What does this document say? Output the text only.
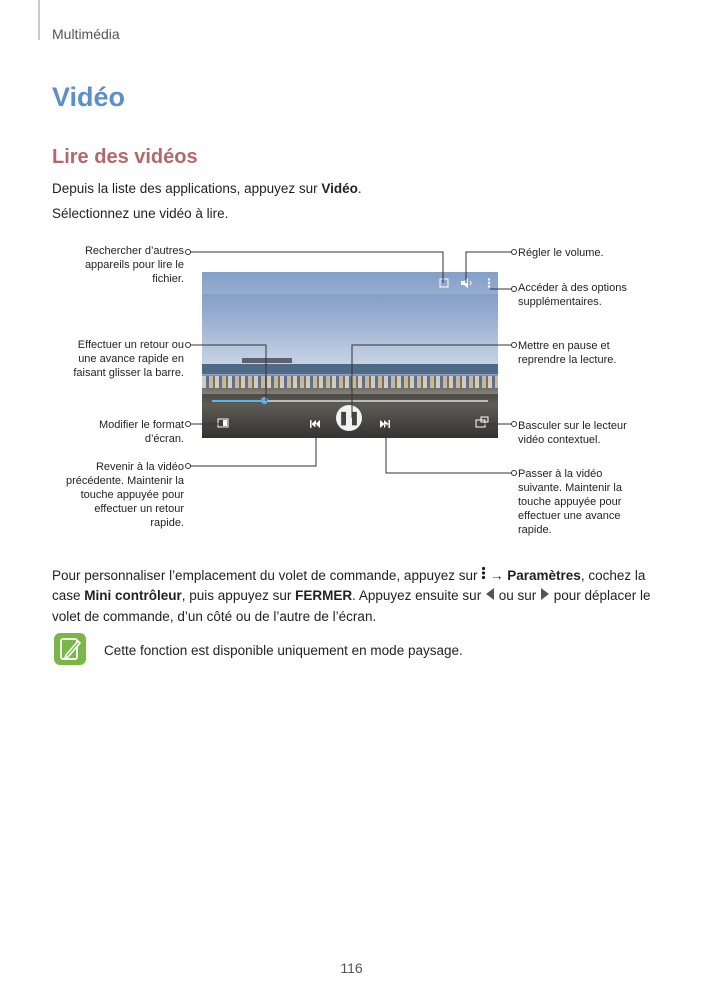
Multimédia
Vidéo
Lire des vidéos
Depuis la liste des applications, appuyez sur Vidéo.
Sélectionnez une vidéo à lire.
❚❚
Rechercher d’autres appareils pour lire le fichier.
Effectuer un retour ou une avance rapide en faisant glisser la barre.
Modifier le format d’écran.
Revenir à la vidéo précédente. Maintenir la touche appuyée pour effectuer un retour rapide.
Régler le volume.
Accéder à des options supplémentaires.
Mettre en pause et reprendre la lecture.
Basculer sur le lecteur vidéo contextuel.
Passer à la vidéo suivante. Maintenir la touche appuyée pour effectuer une avance rapide.
Pour personnaliser l’emplacement du volet de commande, appuyez sur  → Paramètres, cochez la
case Mini contrôleur, puis appuyez sur FERMER. Appuyez ensuite sur  ou sur  pour déplacer le
volet de commande, d’un côté ou de l’autre de l’écran.
Cette fonction est disponible uniquement en mode paysage.
116
